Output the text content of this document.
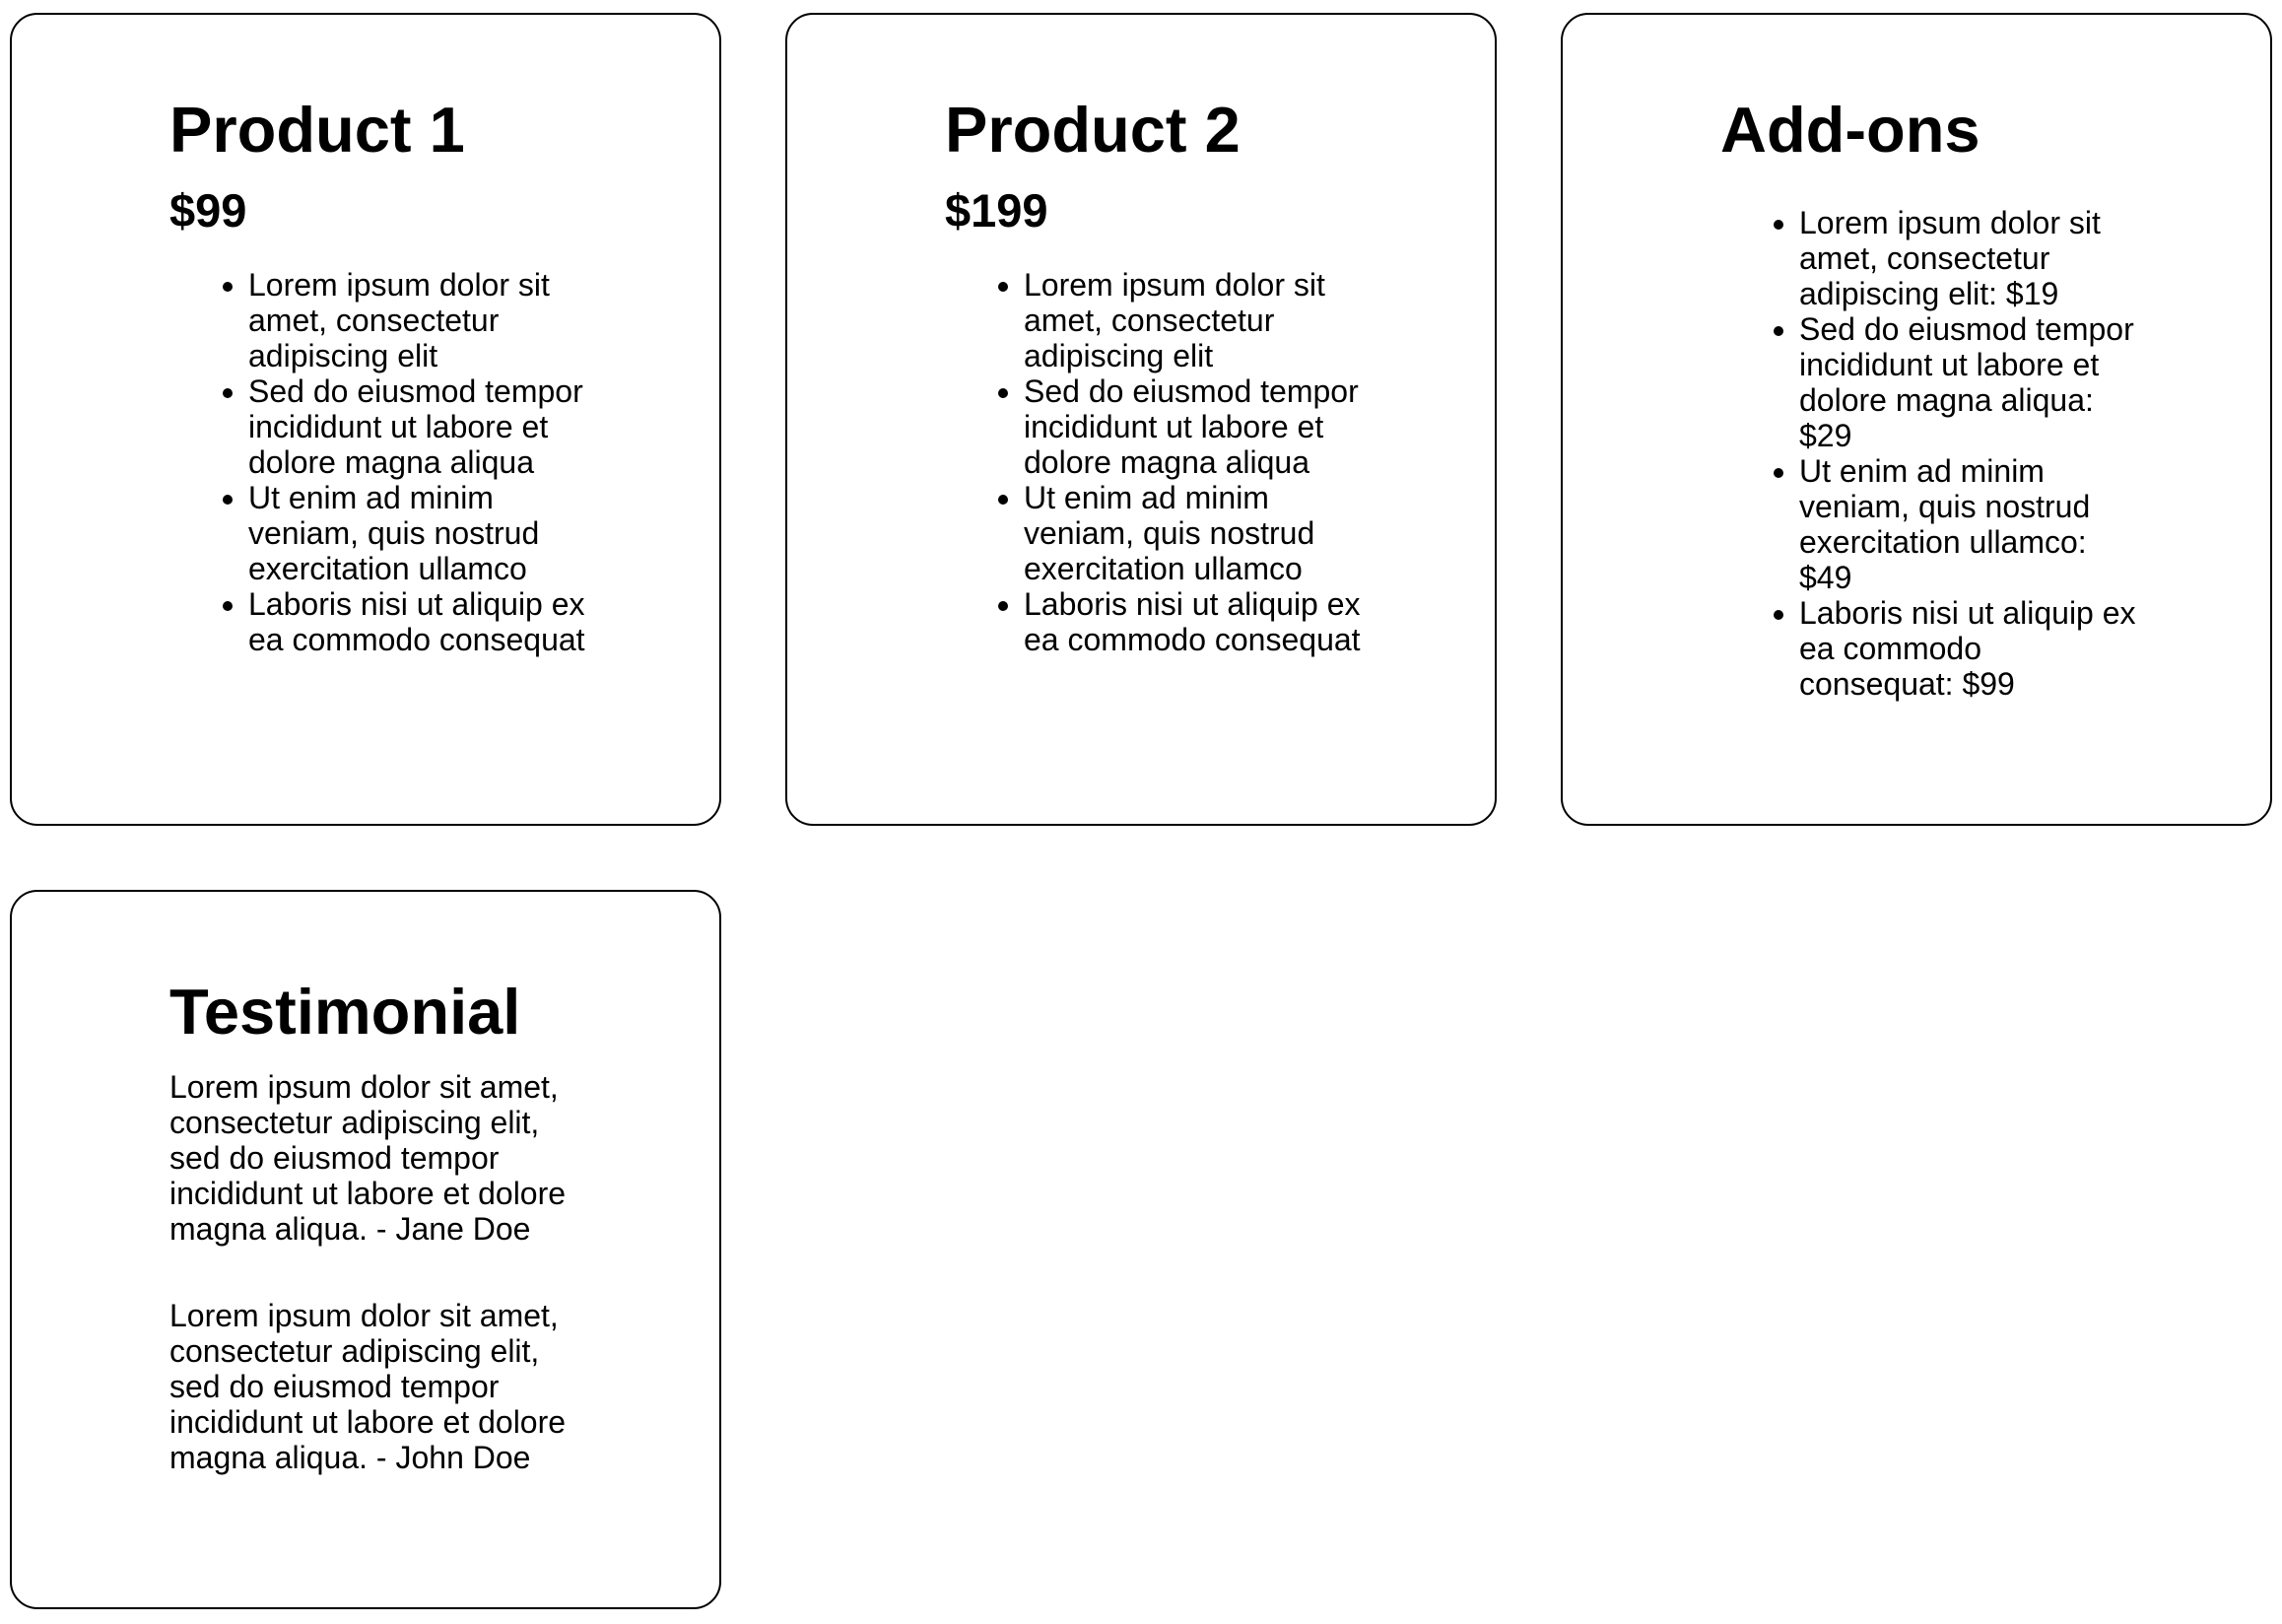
Product 1
$99
• Lorem ipsum dolor sit amet, consectetur adipiscing elit
• Sed do eiusmod tempor incididunt ut labore et dolore magna aliqua
• Ut enim ad minim veniam, quis nostrud exercitation ullamco
• Laboris nisi ut aliquip ex ea commodo consequat
Product 2
$199
• Lorem ipsum dolor sit amet, consectetur adipiscing elit
• Sed do eiusmod tempor incididunt ut labore et dolore magna aliqua
• Ut enim ad minim veniam, quis nostrud exercitation ullamco
• Laboris nisi ut aliquip ex ea commodo consequat
Add-ons
• Lorem ipsum dolor sit amet, consectetur adipiscing elit: $19
• Sed do eiusmod tempor incididunt ut labore et dolore magna aliqua: $29
• Ut enim ad minim veniam, quis nostrud exercitation ullamco: $49
• Laboris nisi ut aliquip ex ea commodo consequat: $99
Testimonial

Lorem ipsum dolor sit amet, consectetur adipiscing elit, sed do eiusmod tempor incididunt ut labore et dolore magna aliqua. - Jane Doe

Lorem ipsum dolor sit amet, consectetur adipiscing elit, sed do eiusmod tempor incididunt ut labore et dolore magna aliqua. - John Doe
